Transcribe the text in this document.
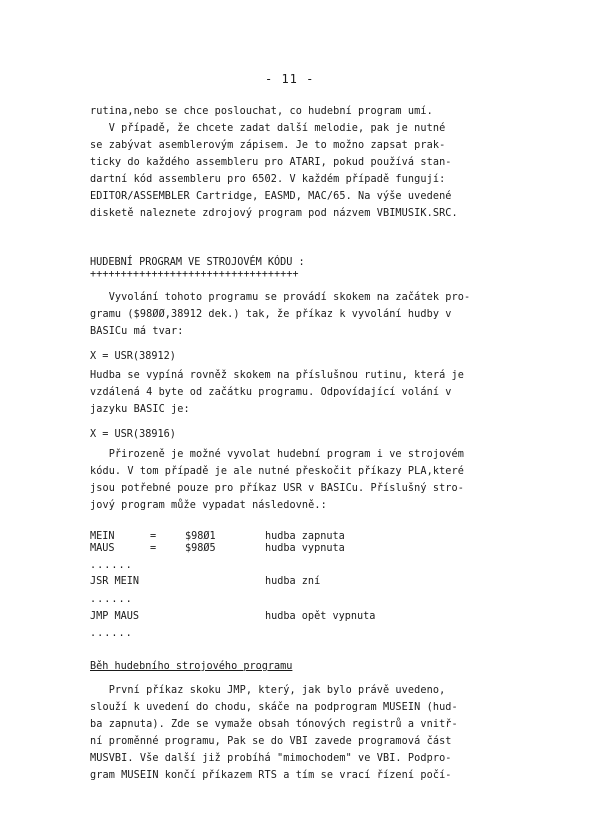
- 11 -
rutina,nebo se chce poslouchat, co hudební program umí.
V případě, že chcete zadat další melodie, pak je nutné
se zabývat asemblerovým zápisem. Je to možno zapsat prak-
ticky do každého assembleru pro ATARI, pokud používá stan-
dartní kód assembleru pro 6502. V každém případě fungují:
EDITOR/ASSEMBLER Cartridge, EASMD, MAC/65. Na výše uvedené
disketě naleznete zdrojový program pod názvem VBIMUSIK.SRC.
HUDEBNÍ PROGRAM VE STROJOVÉM KÓDU :
++++++++++++++++++++++++++++++++++
Vyvolání tohoto programu se provádí skokem na začátek pro-
gramu ($98ØØ,38912 dek.) tak, že příkaz k vyvolání hudby v
BASICu má tvar:
X = USR(38912)
Hudba se vypíná rovněž skokem na příslušnou rutinu, která je
vzdálená 4 byte od začátku programu. Odpovídající volání v
jazyku BASIC je:
X = USR(38916)
Přirozeně je možné vyvolat hudební program i ve strojovém
kódu. V tom případě je ale nutné přeskočit příkazy PLA,které
jsou potřebné pouze pro příkaz USR v BASICu. Příslušný stro-
jový program může vypadat následovně.:
MEIN	=	$98Ø1	hudba zapnuta
MAUS	=	$98Ø5	hudba vypnuta
......
JSR MEIN	hudba zní
......
JMP MAUS	hudba opět vypnuta
......
Běh hudebního strojového programu
První příkaz skoku JMP, který, jak bylo právě uvedeno,
slouží k uvedení do chodu, skáče na podprogram MUSEIN (hud-
ba zapnuta). Zde se vymaže obsah tónových registrů a vnitř-
ní proměnné programu, Pak se do VBI zavede programová část
MUSVBI. Vše další již probíhá "mimochodem" ve VBI. Podpro-
gram MUSEIN končí příkazem RTS a tím se vrací řízení počí-
